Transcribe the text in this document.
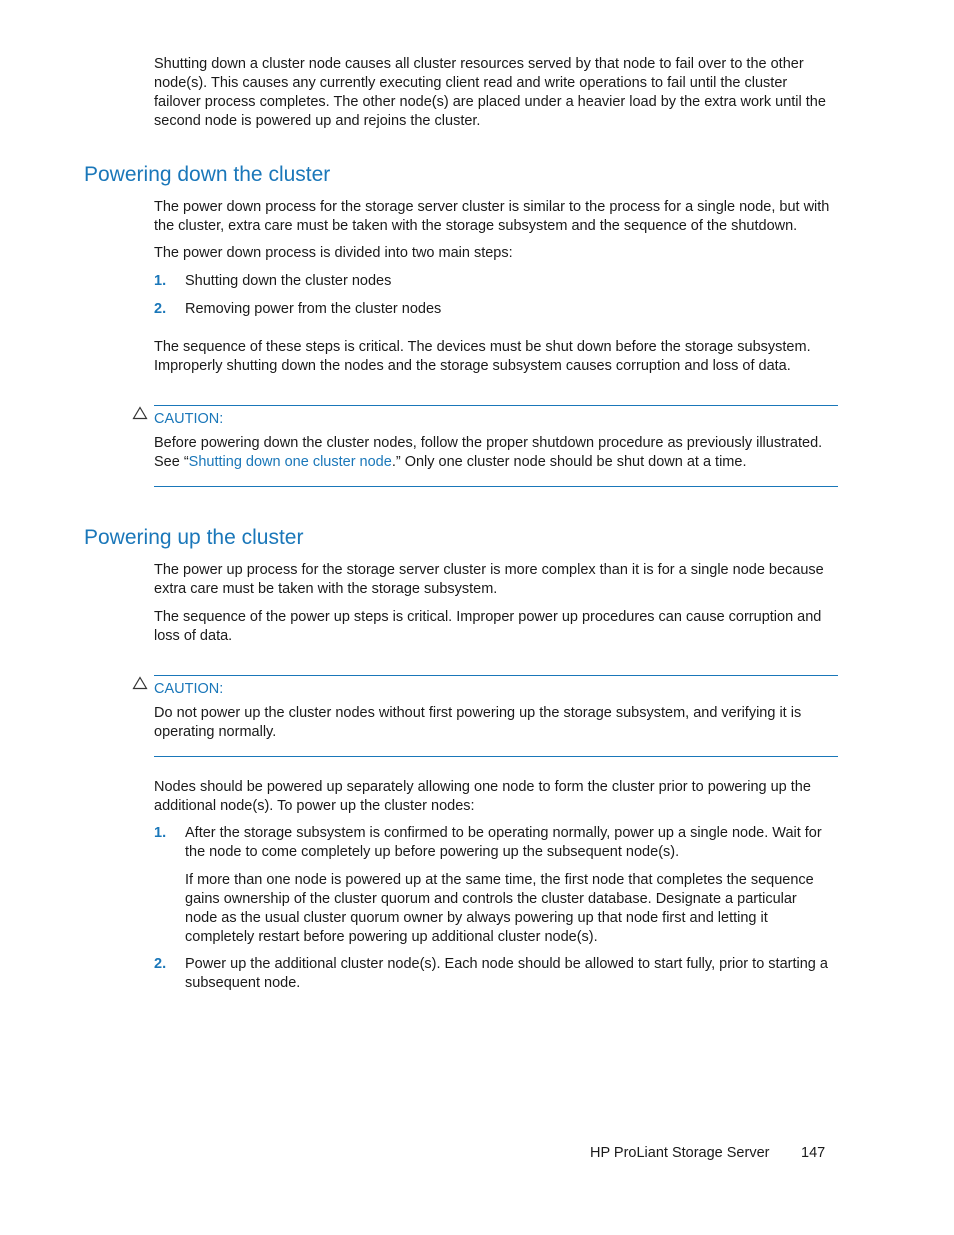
Shutting down a cluster node causes all cluster resources served by that node to fail over to the other node(s). This causes any currently executing client read and write operations to fail until the cluster failover process completes. The other node(s) are placed under a heavier load by the extra work until the second node is powered up and rejoins the cluster.

Powering down the cluster

The power down process for the storage server cluster is similar to the process for a single node, but with the cluster, extra care must be taken with the storage subsystem and the sequence of the shutdown.

The power down process is divided into two main steps:

1. Shutting down the cluster nodes

2. Removing power from the cluster nodes

The sequence of these steps is critical. The devices must be shut down before the storage subsystem. Improperly shutting down the nodes and the storage subsystem causes corruption and loss of data.

CAUTION:

Before powering down the cluster nodes, follow the proper shutdown procedure as previously illustrated. See “Shutting down one cluster node.” Only one cluster node should be shut down at a time.

Powering up the cluster

The power up process for the storage server cluster is more complex than it is for a single node because extra care must be taken with the storage subsystem.

The sequence of the power up steps is critical. Improper power up procedures can cause corruption and loss of data.

CAUTION:

Do not power up the cluster nodes without first powering up the storage subsystem, and verifying it is operating normally.

Nodes should be powered up separately allowing one node to form the cluster prior to powering up the additional node(s). To power up the cluster nodes:

1. After the storage subsystem is confirmed to be operating normally, power up a single node. Wait for the node to come completely up before powering up the subsequent node(s).

If more than one node is powered up at the same time, the first node that completes the sequence gains ownership of the cluster quorum and controls the cluster database. Designate a particular node as the usual cluster quorum owner by always powering up that node first and letting it completely restart before powering up additional cluster node(s).

2. Power up the additional cluster node(s). Each node should be allowed to start fully, prior to starting a subsequent node.

HP ProLiant Storage Server 147
